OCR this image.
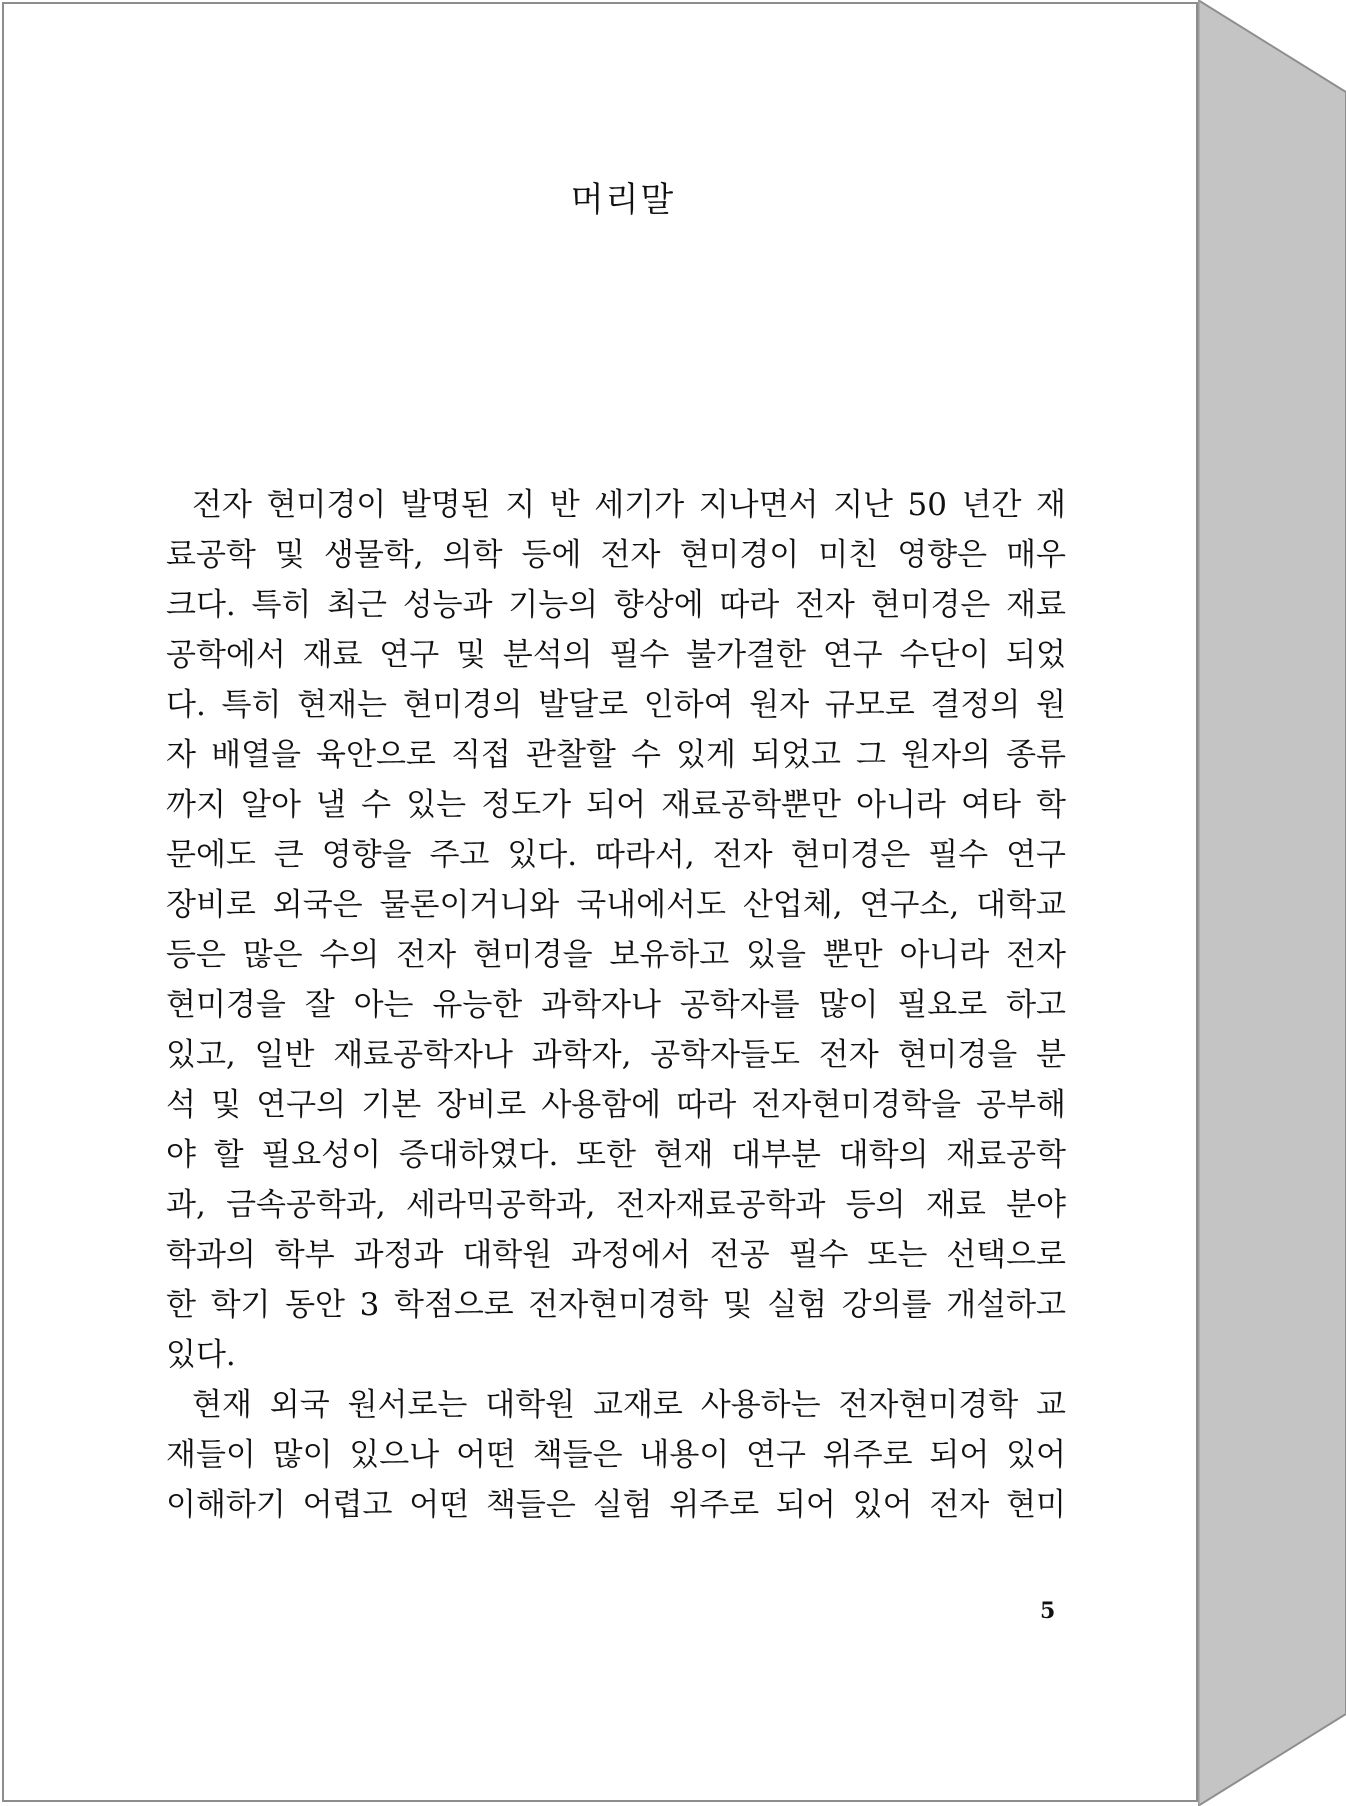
머리말
전자 현미경이 발명된 지 반 세기가 지나면서 지난 50 년간 재
료공학 및 생물학, 의학 등에 전자 현미경이 미친 영향은 매우
크다. 특히 최근 성능과 기능의 향상에 따라 전자 현미경은 재료
공학에서 재료 연구 및 분석의 필수 불가결한 연구 수단이 되었
다. 특히 현재는 현미경의 발달로 인하여 원자 규모로 결정의 원
자 배열을 육안으로 직접 관찰할 수 있게 되었고 그 원자의 종류
까지 알아 낼 수 있는 정도가 되어 재료공학뿐만 아니라 여타 학
문에도 큰 영향을 주고 있다. 따라서, 전자 현미경은 필수 연구
장비로 외국은 물론이거니와 국내에서도 산업체, 연구소, 대학교
등은 많은 수의 전자 현미경을 보유하고 있을 뿐만 아니라 전자
현미경을 잘 아는 유능한 과학자나 공학자를 많이 필요로 하고
있고, 일반 재료공학자나 과학자, 공학자들도 전자 현미경을 분
석 및 연구의 기본 장비로 사용함에 따라 전자현미경학을 공부해
야 할 필요성이 증대하였다. 또한 현재 대부분 대학의 재료공학
과, 금속공학과, 세라믹공학과, 전자재료공학과 등의 재료 분야
학과의 학부 과정과 대학원 과정에서 전공 필수 또는 선택으로
한 학기 동안 3 학점으로 전자현미경학 및 실험 강의를 개설하고
있다.
현재 외국 원서로는 대학원 교재로 사용하는 전자현미경학 교
재들이 많이 있으나 어떤 책들은 내용이 연구 위주로 되어 있어
이해하기 어렵고 어떤 책들은 실험 위주로 되어 있어 전자 현미
5
